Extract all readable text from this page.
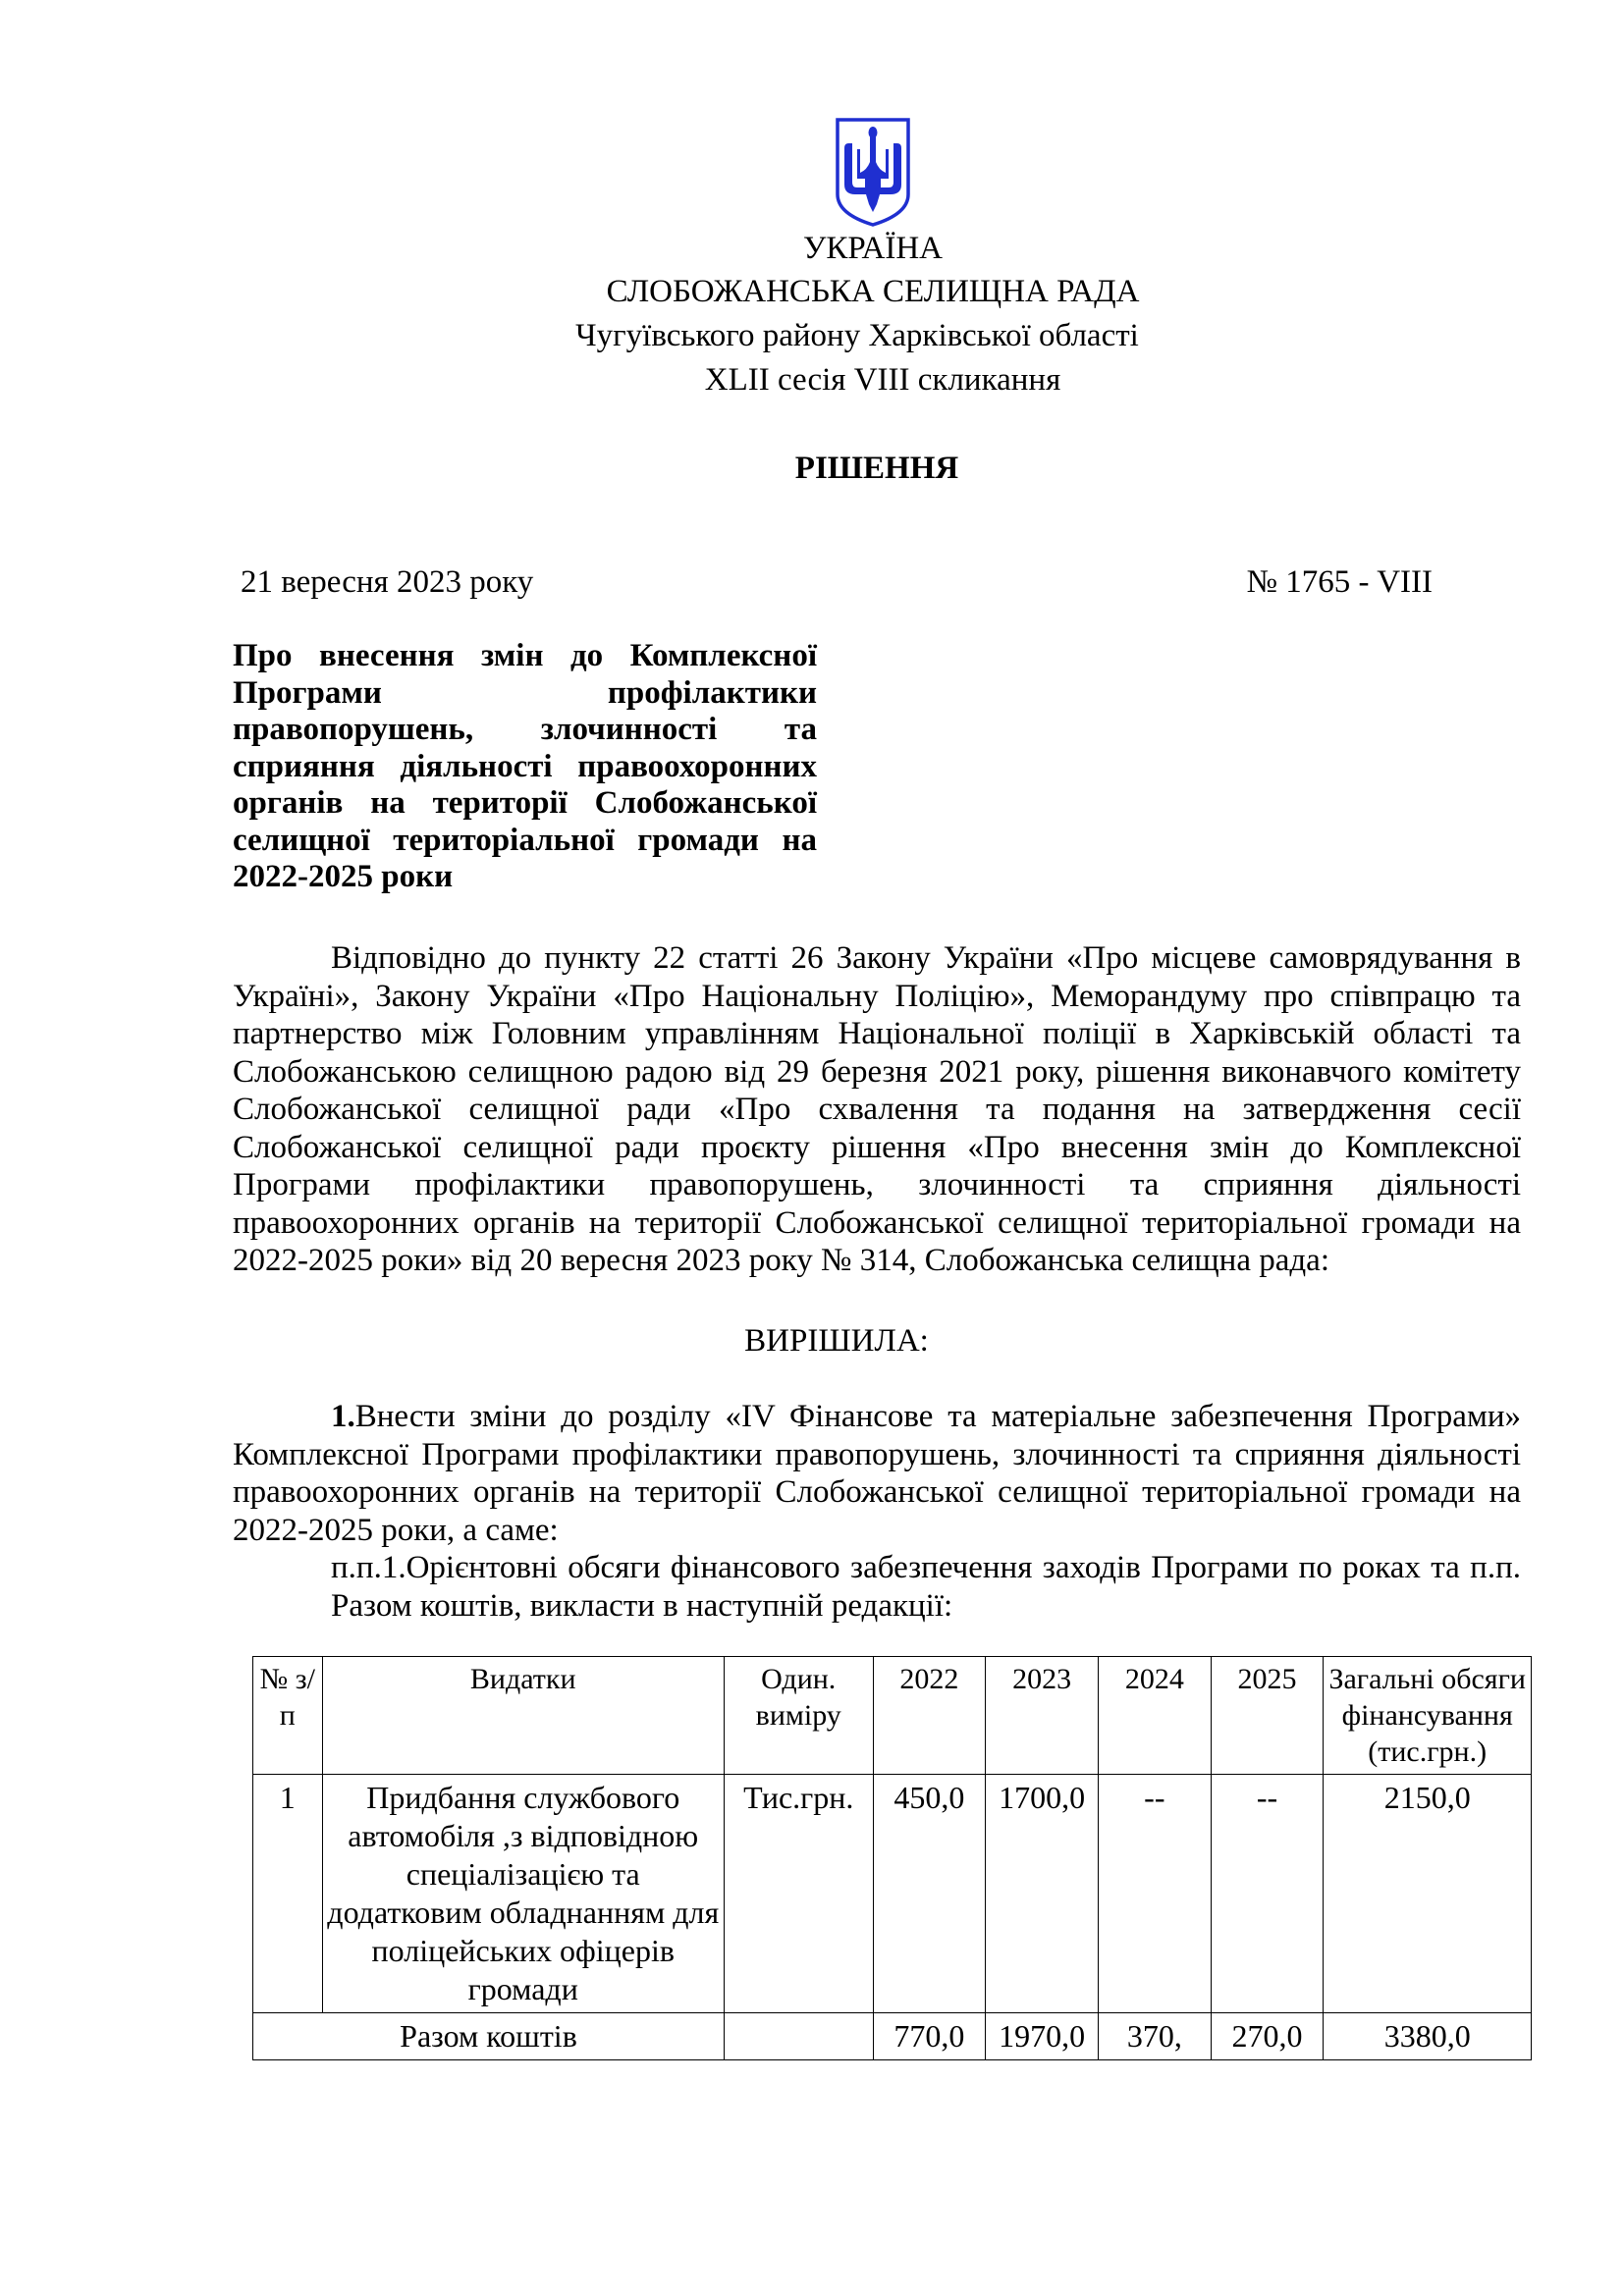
УКРАЇНА
СЛОБОЖАНСЬКА СЕЛИЩНА РАДА
Чугуївського району Харківської області
XLII сесія VIII скликання
РІШЕННЯ
21 вересня 2023 року	№ 1765 - VIII
Про внесення змін до Комплексної Програми профілактики правопорушень, злочинності та сприяння діяльності правоохоронних органів на території Слобожанської селищної територіальної громади на 2022-2025 роки
Відповідно до пункту 22 статті 26 Закону України «Про місцеве самоврядування в Україні», Закону України «Про Національну Поліцію», Меморандуму про співпрацю та партнерство між Головним управлінням Національної поліції в Харківській області та Слобожанською селищною радою від 29 березня 2021 року, рішення виконавчого комітету Слобожанської селищної ради «Про схвалення та подання на затвердження сесії Слобожанської селищної ради проєкту рішення «Про внесення змін до Комплексної Програми профілактики правопорушень, злочинності та сприяння діяльності правоохоронних органів на території Слобожанської селищної територіальної громади на 2022-2025 роки» від 20 вересня 2023 року № 314, Слобожанська селищна рада:
ВИРІШИЛА:
1.Внести зміни до розділу «IV Фінансове та матеріальне забезпечення Програми» Комплексної Програми профілактики правопорушень, злочинності та сприяння діяльності правоохоронних органів на території Слобожанської селищної територіальної громади на 2022-2025 роки, а саме:
п.п.1.Орієнтовні обсяги фінансового забезпечення заходів Програми по роках та п.п. Разом коштів, викласти в наступній редакції:
№ з/п	Видатки	Один. виміру	2022	2023	2024	2025	Загальні обсяги фінансування (тис.грн.)
1	Придбання службового автомобіля ,з відповідною спеціалізацією та додатковим обладнанням для поліцейських офіцерів громади	Тис.грн.	450,0	1700,0	--	--	2150,0
Разом коштів			770,0	1970,0	370,	270,0	3380,0
